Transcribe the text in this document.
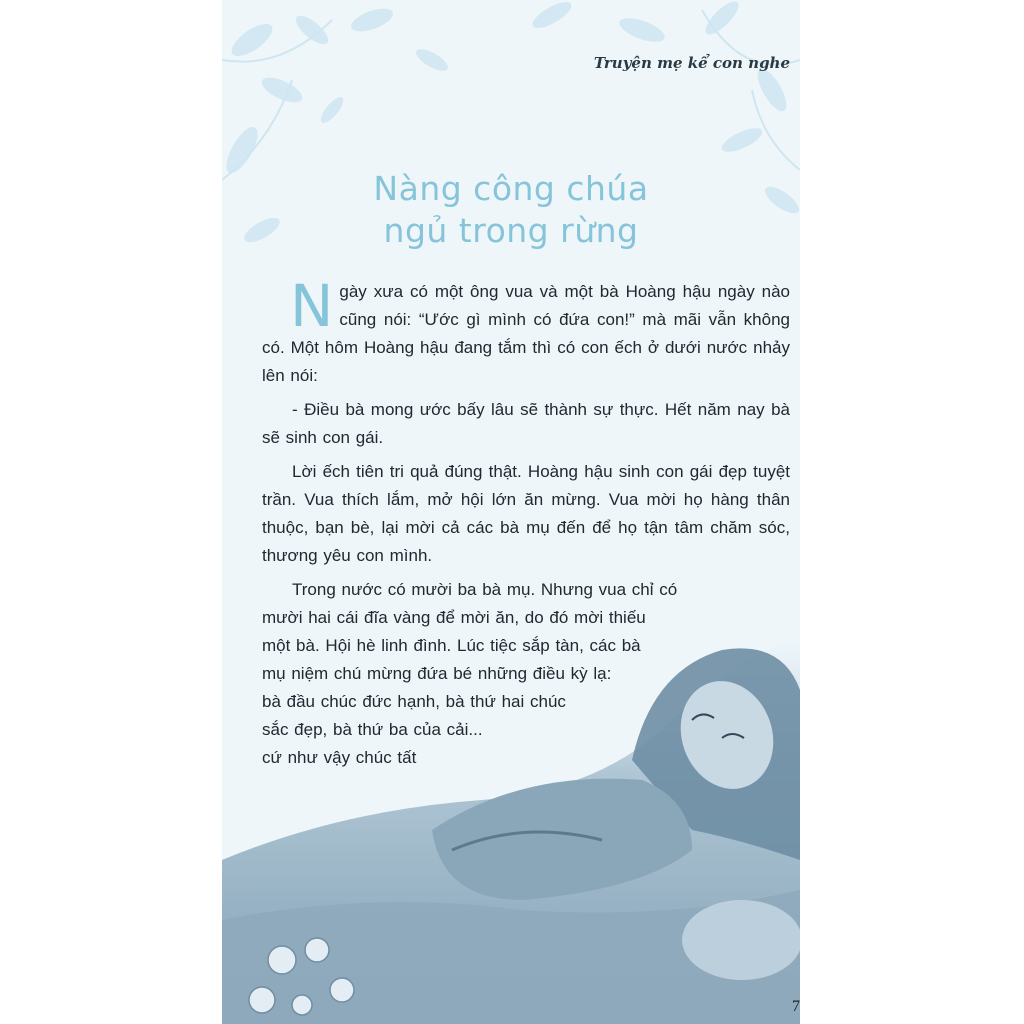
Truyện mẹ kể con nghe
Nàng công chúa
ngủ trong rừng

Ngày xưa có một ông vua và một bà Hoàng hậu ngày nào cũng nói: “Ước gì mình có đứa con!” mà mãi vẫn không có. Một hôm Hoàng hậu đang tắm thì có con ếch ở dưới nước nhảy lên nói:

- Điều bà mong ước bấy lâu sẽ thành sự thực. Hết năm nay bà sẽ sinh con gái.

Lời ếch tiên tri quả đúng thật. Hoàng hậu sinh con gái đẹp tuyệt trần. Vua thích lắm, mở hội lớn ăn mừng. Vua mời họ hàng thân thuộc, bạn bè, lại mời cả các bà mụ đến để họ tận tâm chăm sóc, thương yêu con mình.

Trong nước có mười ba bà mụ. Nhưng vua chỉ có
mười hai cái đĩa vàng để mời ăn, do đó mời thiếu
một bà. Hội hè linh đình. Lúc tiệc sắp tàn, các bà
mụ niệm chú mừng đứa bé những điều kỳ lạ:
bà đầu chúc đức hạnh, bà thứ hai chúc
sắc đẹp, bà thứ ba của cải...
cứ như vậy chúc tất
7
